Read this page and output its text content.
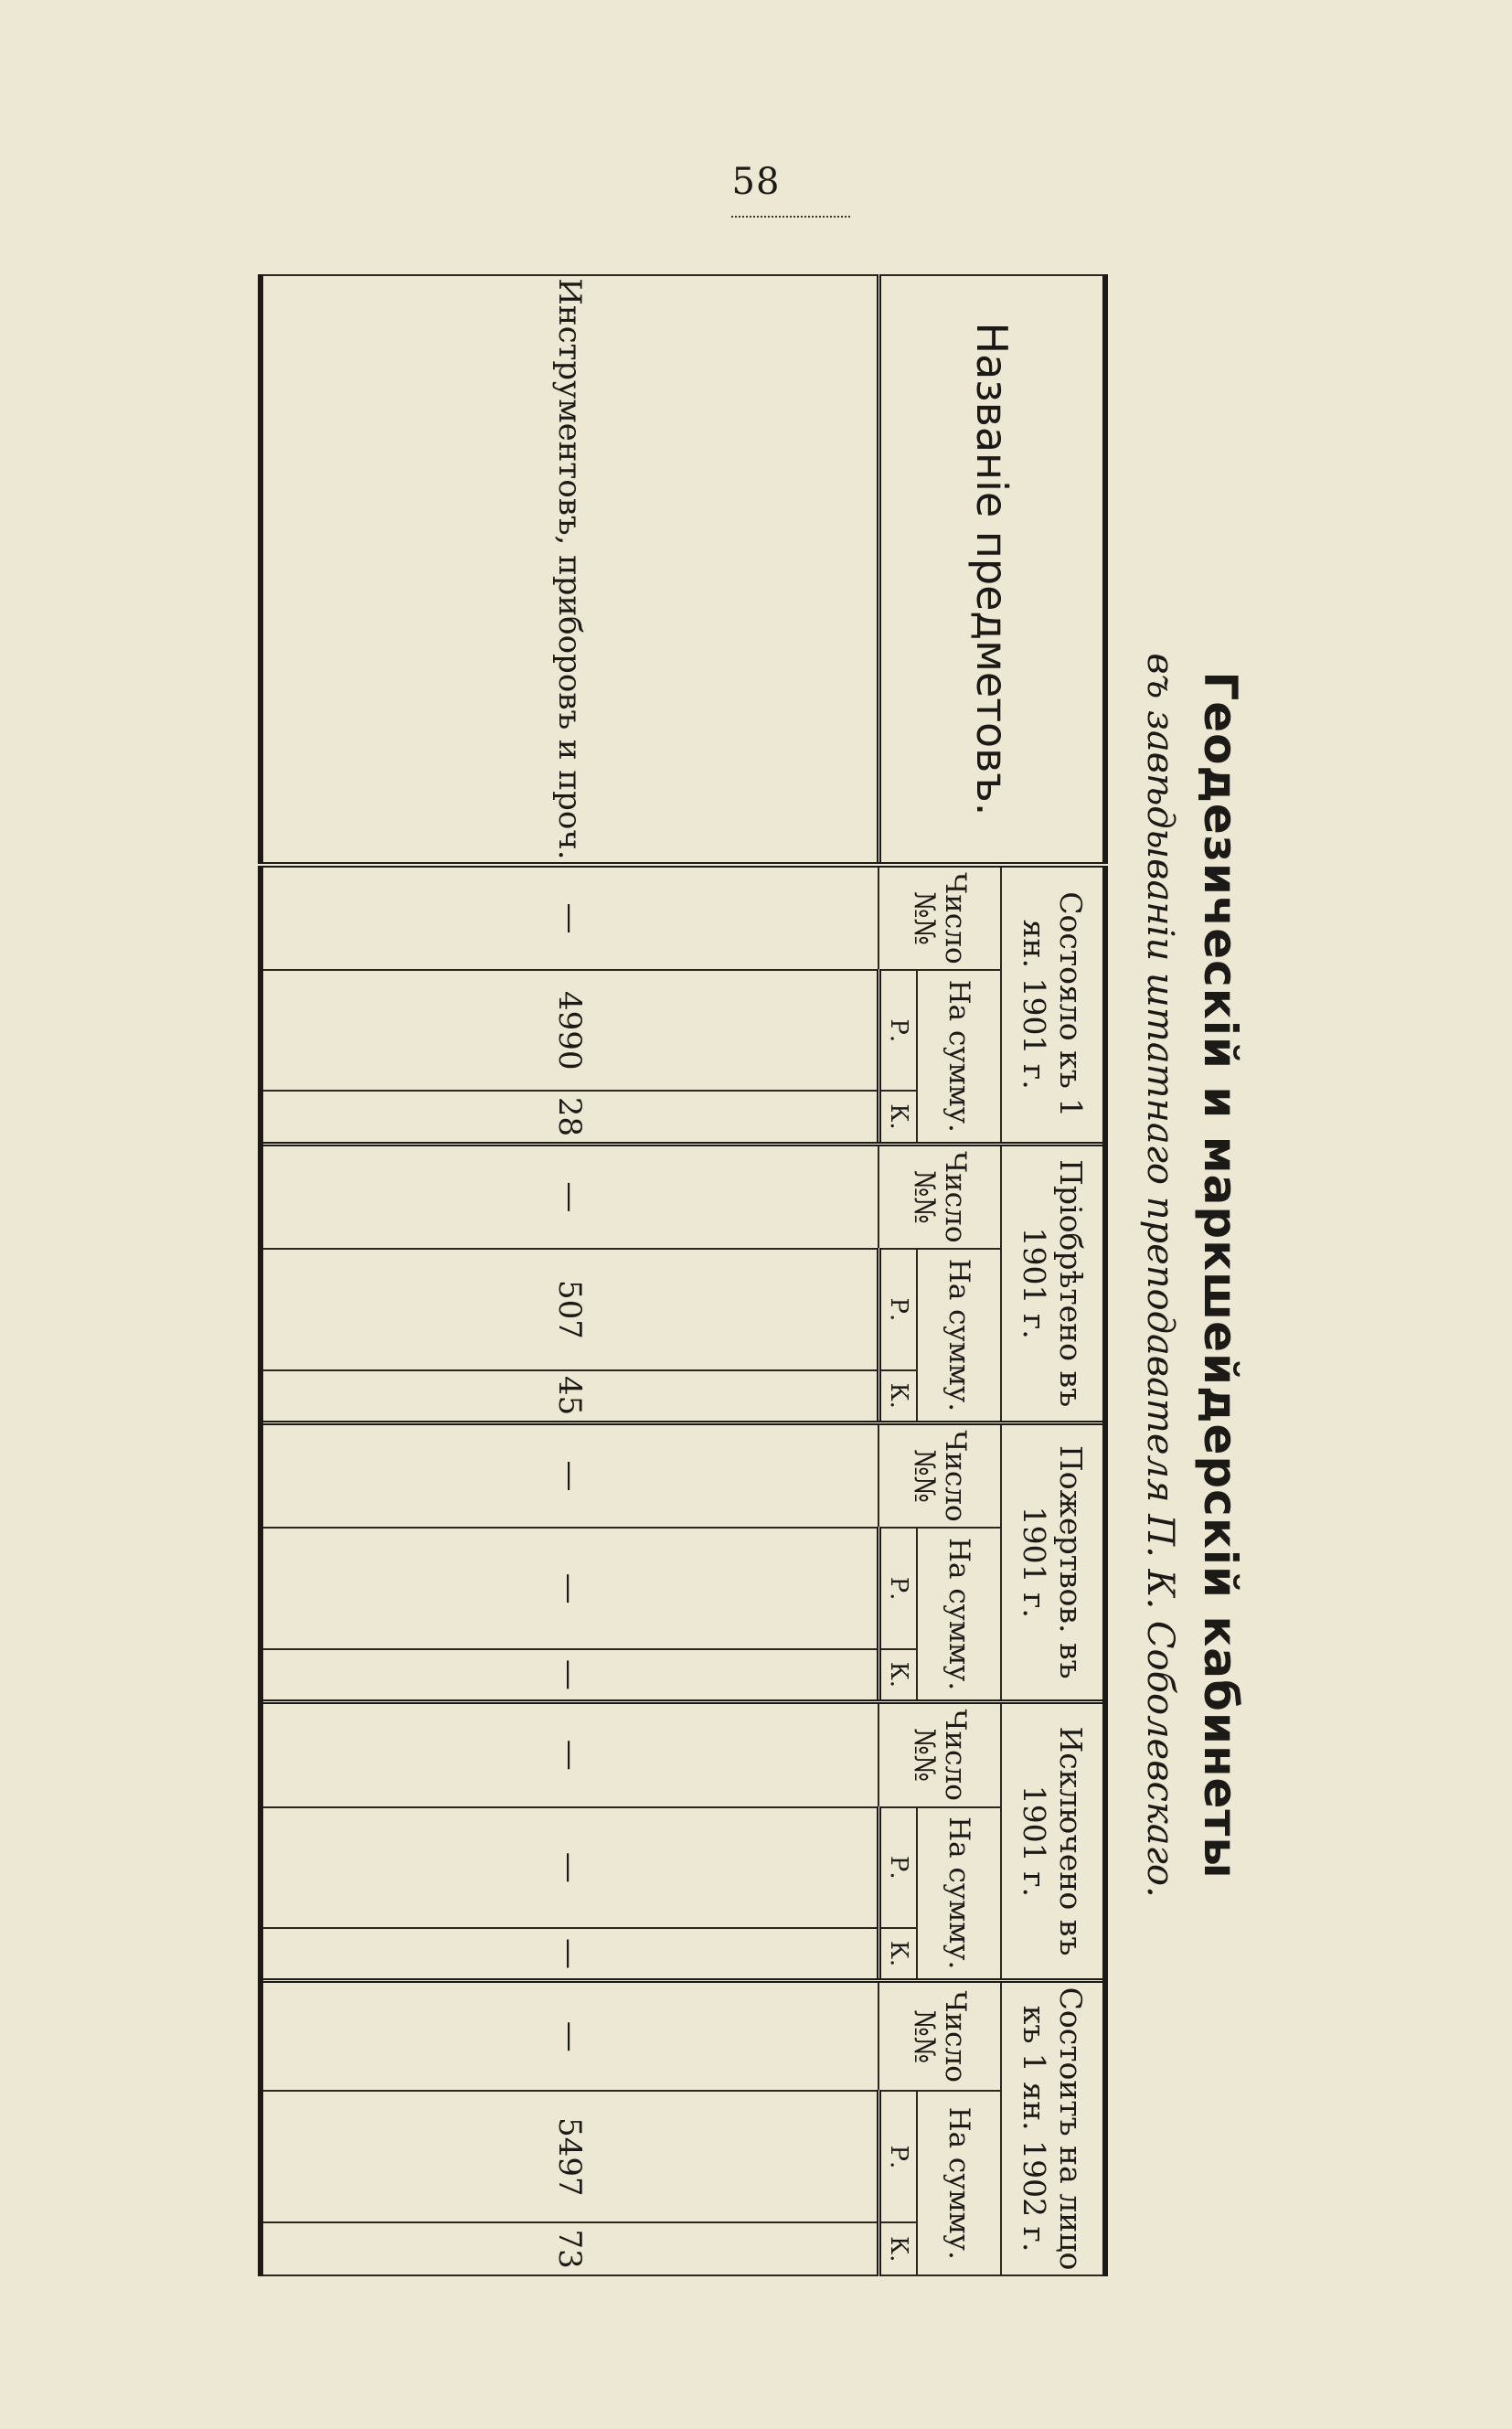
58
Геодезическій и маркшейдерскій кабинеты
въ завѣдываніи штатнаго преподавателя П. К. Соболевскаго.
Названіе предметовъ.	Состояло къ 1 ян. 1901 г.			Пріобрѣтено въ 1901 г.			Пожертвов. въ 1901 г.			Исключено въ 1901 г.			Состоитъ на лицо къ 1 ян. 1902 г.		
	Число №№	На сумму.		Число №№	На сумму.		Число №№	На сумму.		Число №№	На сумму.		Число №№	На сумму.	
		Р.	К.		Р.	К.		Р.	К.		Р.	К.		Р.	К.
Инструментовъ, приборовъ и проч.	—	4990	28	—	507	45	—	—	—	—	—	—	—	5497	73
